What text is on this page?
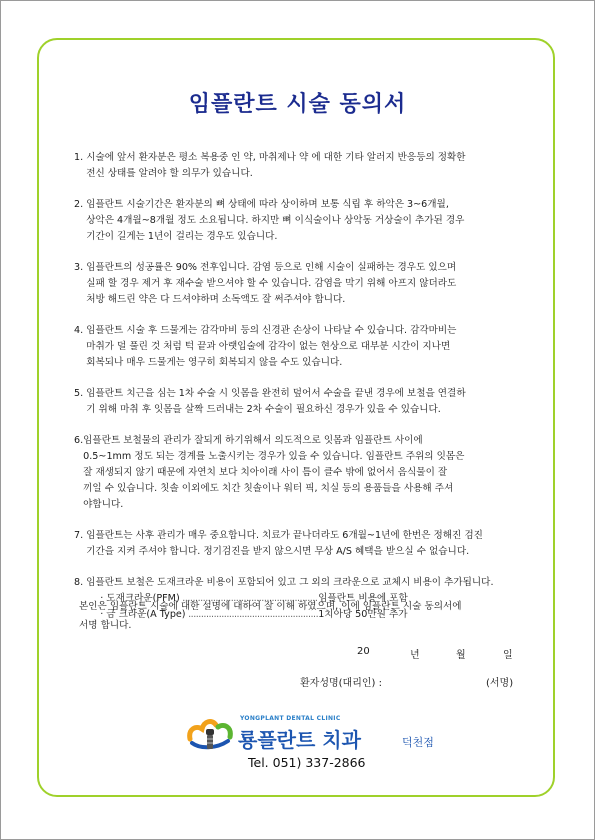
임플란트 시술 동의서
1. 시술에 앞서 환자분은 평소 복용중 인 약, 마취제나 약 에 대한 기타 알러지 반응등의 정확한
전신 상태를 알려야 할 의무가 있습니다.
2. 임플란트 시술기간은 환자분의 뼈 상태에 따라 상이하며 보통 식립 후 하악은 3~6개월,
상악은 4개월~8개월 정도 소요됩니다. 하지만 뼈 이식술이나 상악동 거상술이 추가된 경우
기간이 길게는 1년이 걸리는 경우도 있습니다.
3. 임플란트의 성공률은 90% 전후입니다. 감염 등으로 인해 시술이 실패하는 경우도 있으며
실패 할 경우 제거 후 재수술 받으셔야 할 수 있습니다. 감염을 막기 위해 아프지 않더라도
처방 해드린 약은 다 드셔야하며 소독액도 잘 써주셔야 합니다.
4. 임플란트 시술 후 드물게는 감각마비 등의 신경관 손상이 나타날 수 있습니다. 감각마비는
마취가 덜 풀린 것 처럼 턱 끝과 아랫입술에 감각이 없는 현상으로 대부분 시간이 지나면
회복되나 매우 드물게는 영구히 회복되지 않을 수도 있습니다.
5. 임플란트 치근을 심는 1차 수술 시 잇몸을 완전히 덮어서 수술을 끝낸 경우에 보철을 연결하
기 위해 마취 후 잇몸을 살짝 드러내는 2차 수술이 필요하신 경우가 있을 수 있습니다.
6. 임플란트 보철물의 관리가 잘되게 하기위해서 의도적으로 잇몸과 임플란트 사이에
0.5~1mm 정도 되는 경계를 노출시키는 경우가 있을 수 있습니다. 임플란트 주위의 잇몸은
잘 재생되지 않기 때문에 자연치 보다 치아이래 사이 틈이 클수 밖에 없어서 음식물이 잘
끼일 수 있습니다. 칫솔 이외에도 치간 칫솔이나 워터 픽, 치실 등의 용품들을 사용해 주셔
야합니다.
7. 임플란트는 사후 관리가 매우 중요합니다. 치료가 끝나더라도 6개월~1년에 한번은 정해진 검진
기간을 지켜 주셔야 합니다. 정기검진을 받지 않으시면 무상 A/S 혜택을 받으실 수 없습니다.
8. 임플란트 보철은 도재크라운 비용이 포함되어 있고 그 외의 크라운으로 교체시 비용이 추가됩니다.
· 도재크라운(PFM) .....	임플란트 비용에 포함
· 금 크라운(A Type) .....	1치아당 50만원 추가
본인은 임플란트 시술에 대한 설명에 대하여 잘 이해 하였으며, 이에 임플란트 시술 동의서에
서명 합니다.
20	년	월	일
환자성명(대리인) :	(서명)
YONGPLANT DENTAL CLINIC
룡플란트 치과	덕천점
Tel. 051) 337-2866
